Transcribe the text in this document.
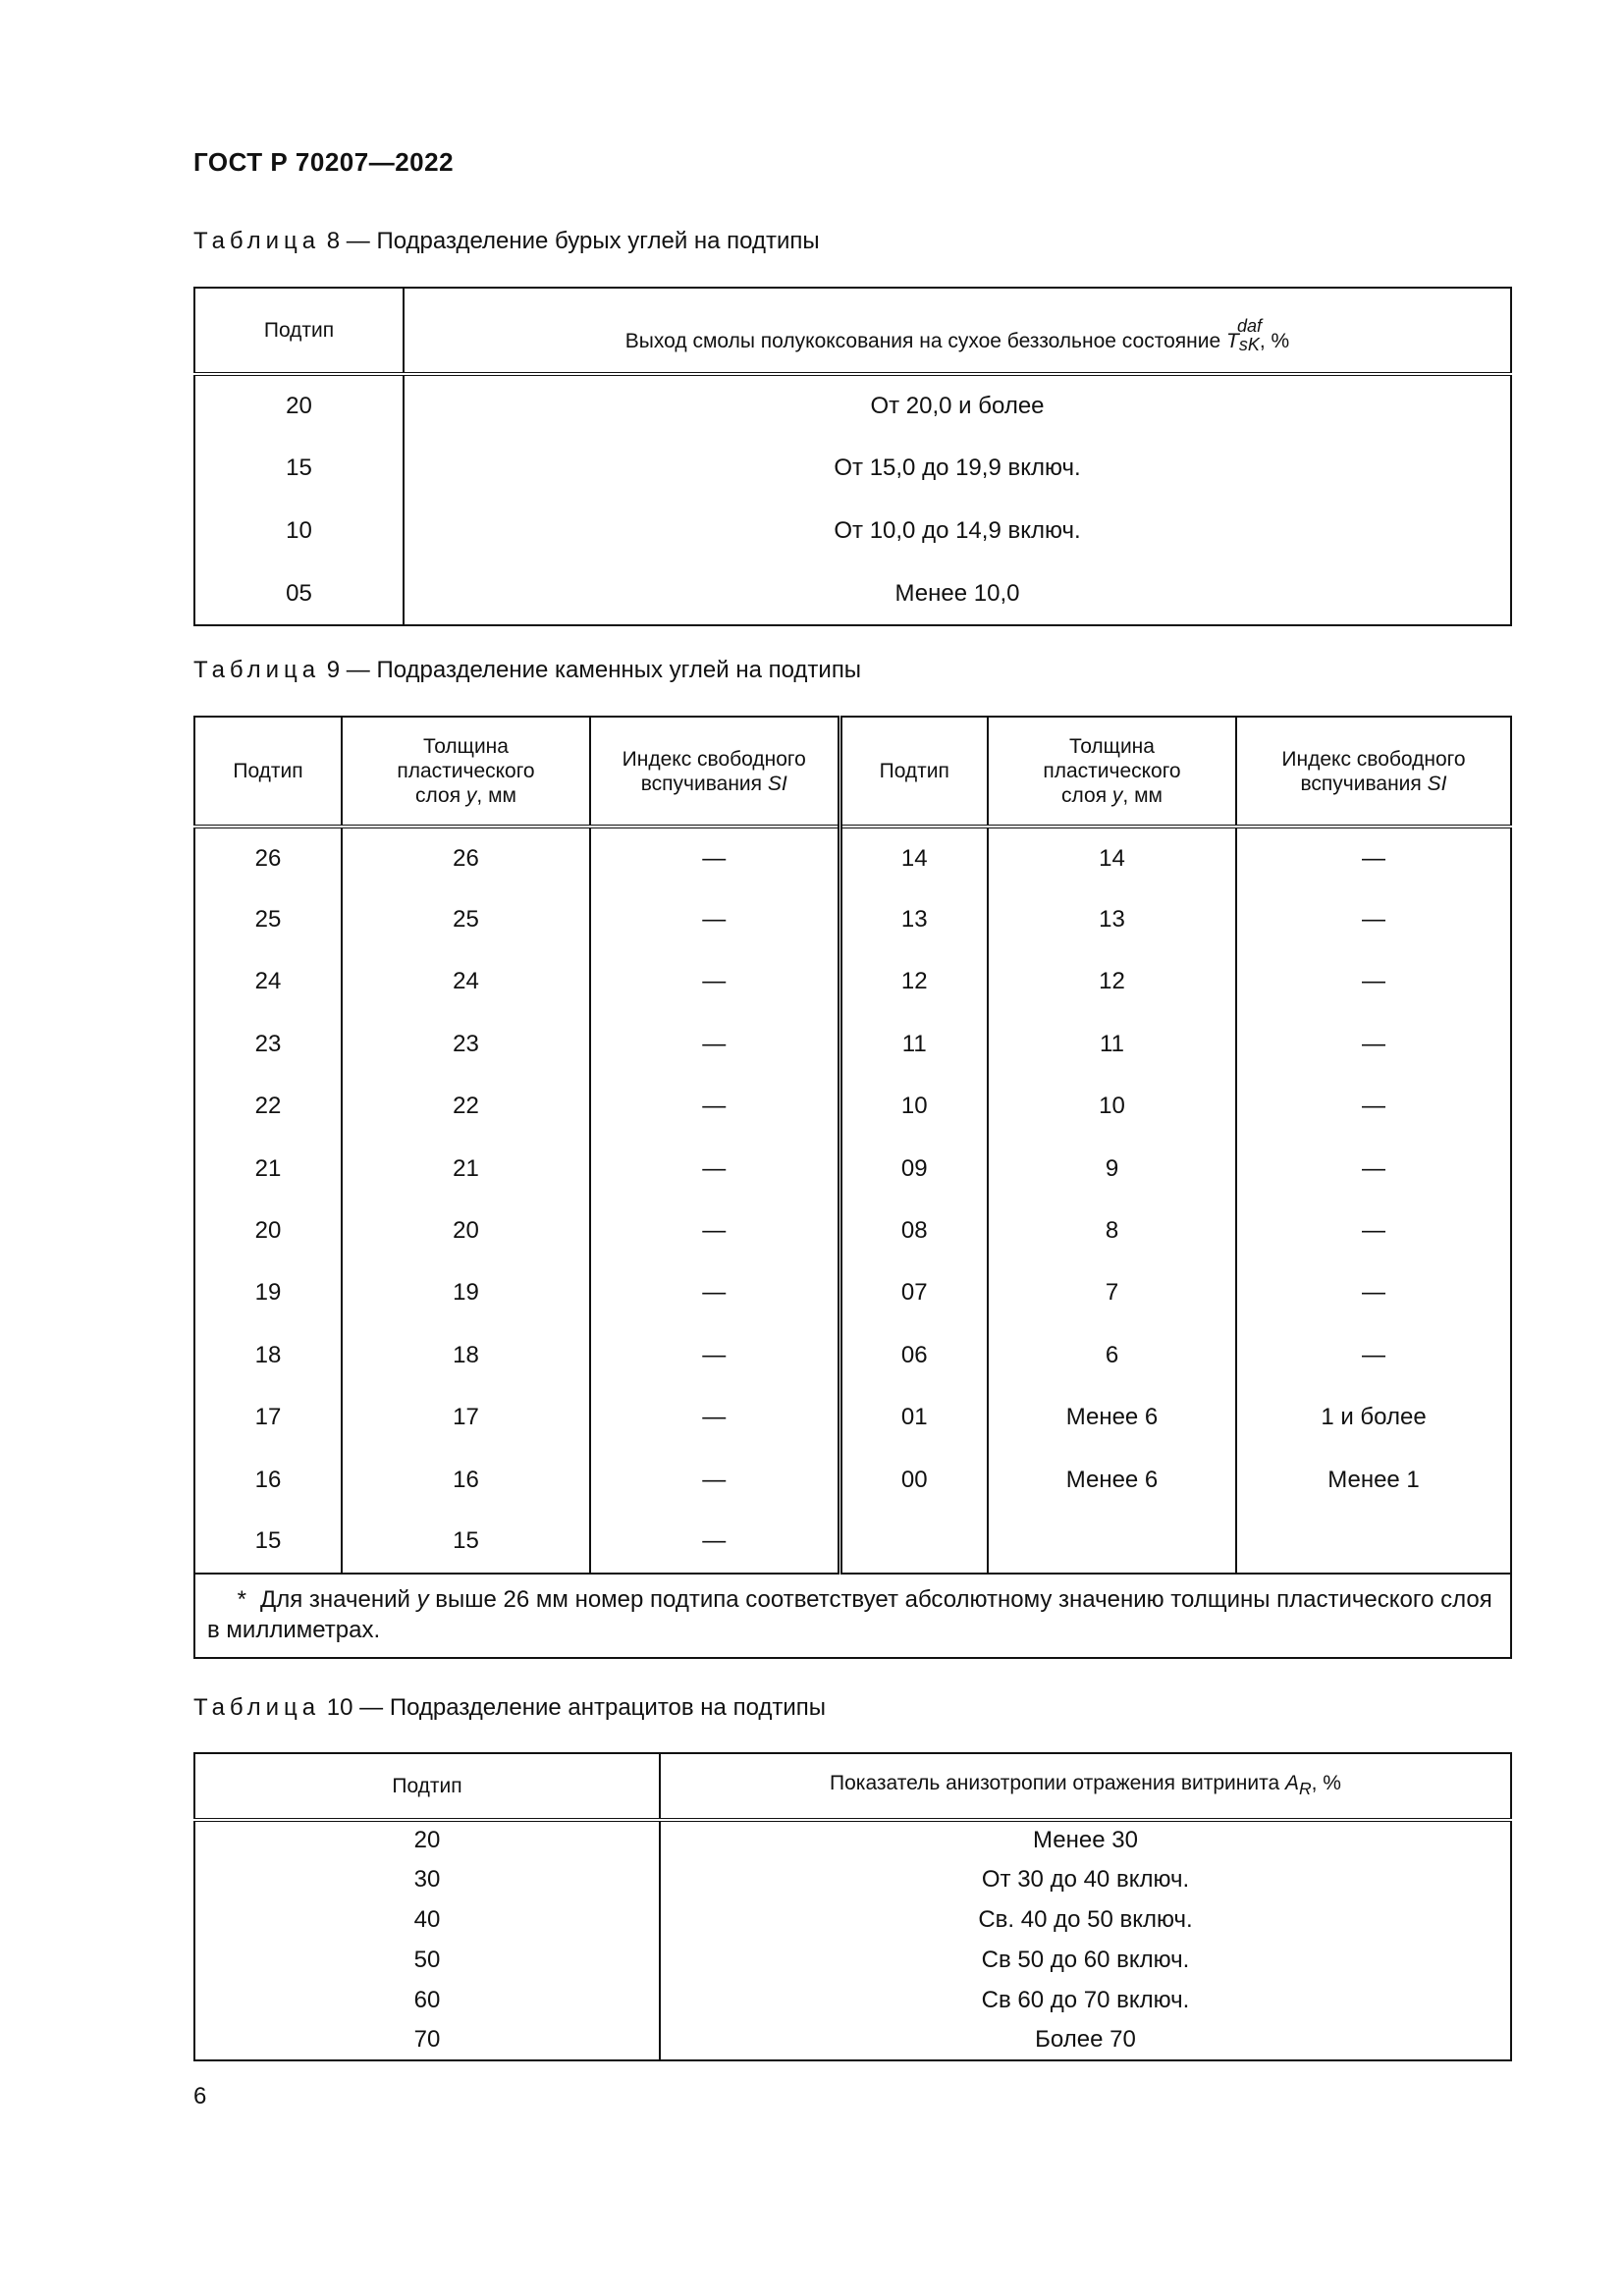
ГОСТ Р 70207—2022
Таблица 8 — Подразделение бурых углей на подтипы
Подтип	Выход смолы полукоксования на сухое беззольное состояние TsK
daf
, %
20	От 20,0 и более
15	От 15,0 до 19,9 включ.
10	От 10,0 до 14,9 включ.
05	Менее 10,0
Таблица 9 — Подразделение каменных углей на подтипы
Подтип	Толщина
пластического
слоя y, мм	Индекс свободного
вспучивания SI	Подтип	Толщина
пластического
слоя y, мм	Индекс свободного
вспучивания SI
26	26	—	14	14	—
25	25	—	13	13	—
24	24	—	12	12	—
23	23	—	11	11	—
22	22	—	10	10	—
21	21	—	09	9	—
20	20	—	08	8	—
19	19	—	07	7	—
18	18	—	06	6	—
17	17	—	01	Менее 6	1 и более
16	16	—	00	Менее 6	Менее 1
15	15	—			
* Для значений y выше 26 мм номер подтипа соответствует абсолютному значению толщины пластического слоя в миллиметрах.					
Таблица 10 — Подразделение антрацитов на подтипы
Подтип	Показатель анизотропии отражения витринита $A_R$, %
20	Менее 30
30	От 30 до 40 включ.
40	Св. 40 до 50 включ.
50	Св 50 до 60 включ.
60	Св 60 до 70 включ.
70	Более 70
6
